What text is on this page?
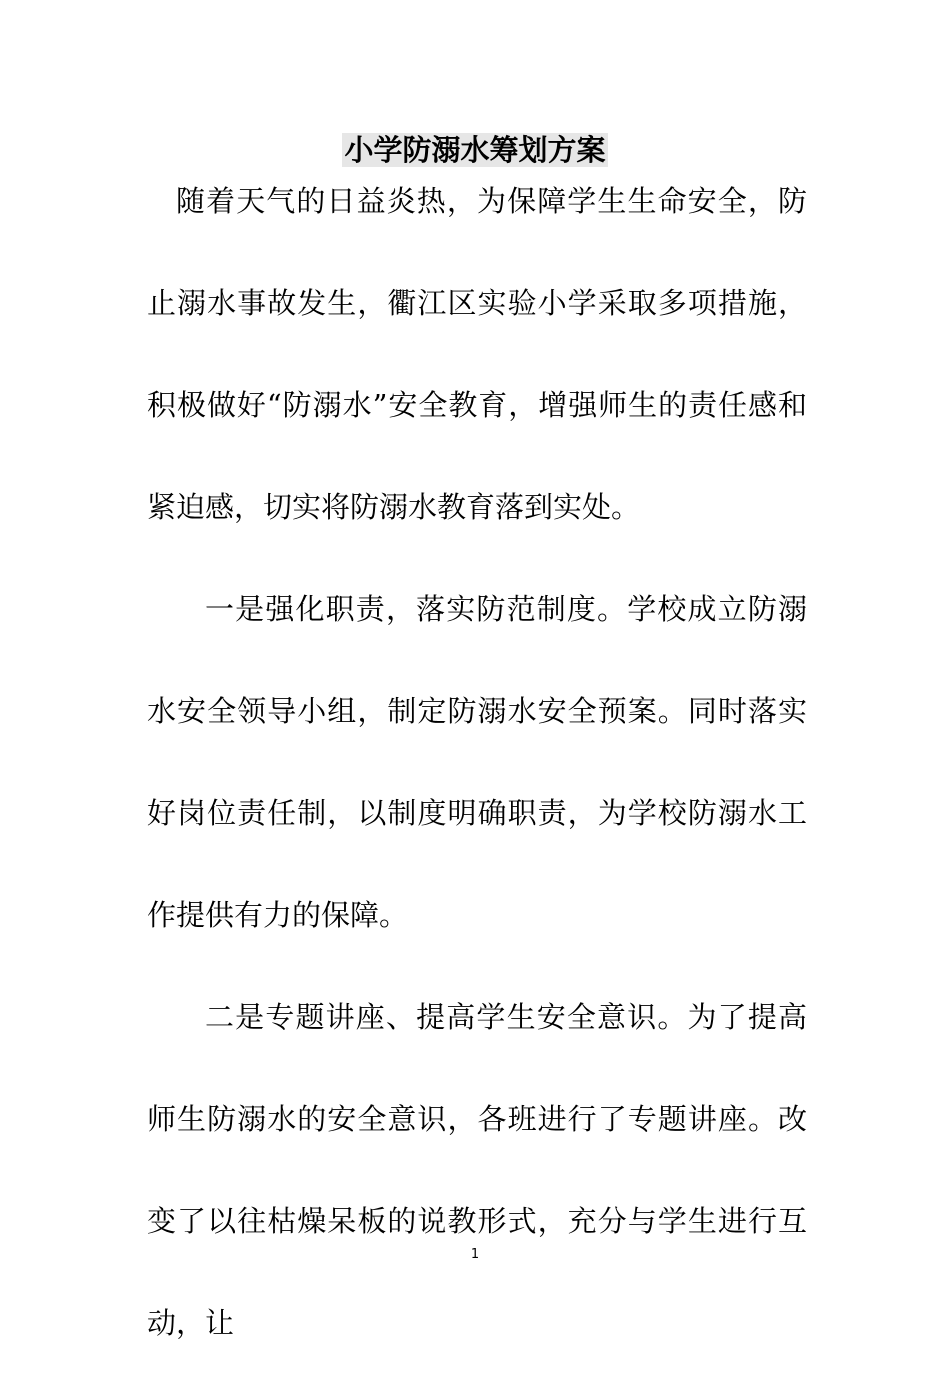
小学防溺水筹划方案

随着天气的日益炎热，为保障学生生命安全，防止溺水事故发生，衢江区实验小学采取多项措施，积极做好“防溺水”安全教育，增强师生的责任感和紧迫感，切实将防溺水教育落到实处。

一是强化职责，落实防范制度。学校成立防溺水安全领导小组，制定防溺水安全预案。同时落实好岗位责任制，以制度明确职责，为学校防溺水工作提供有力的保障。

二是专题讲座、提高学生安全意识。为了提高师生防溺水的安全意识，各班进行了专题讲座。改变了以往枯燥呆板的说教形式，充分与学生进行互动，让

1
